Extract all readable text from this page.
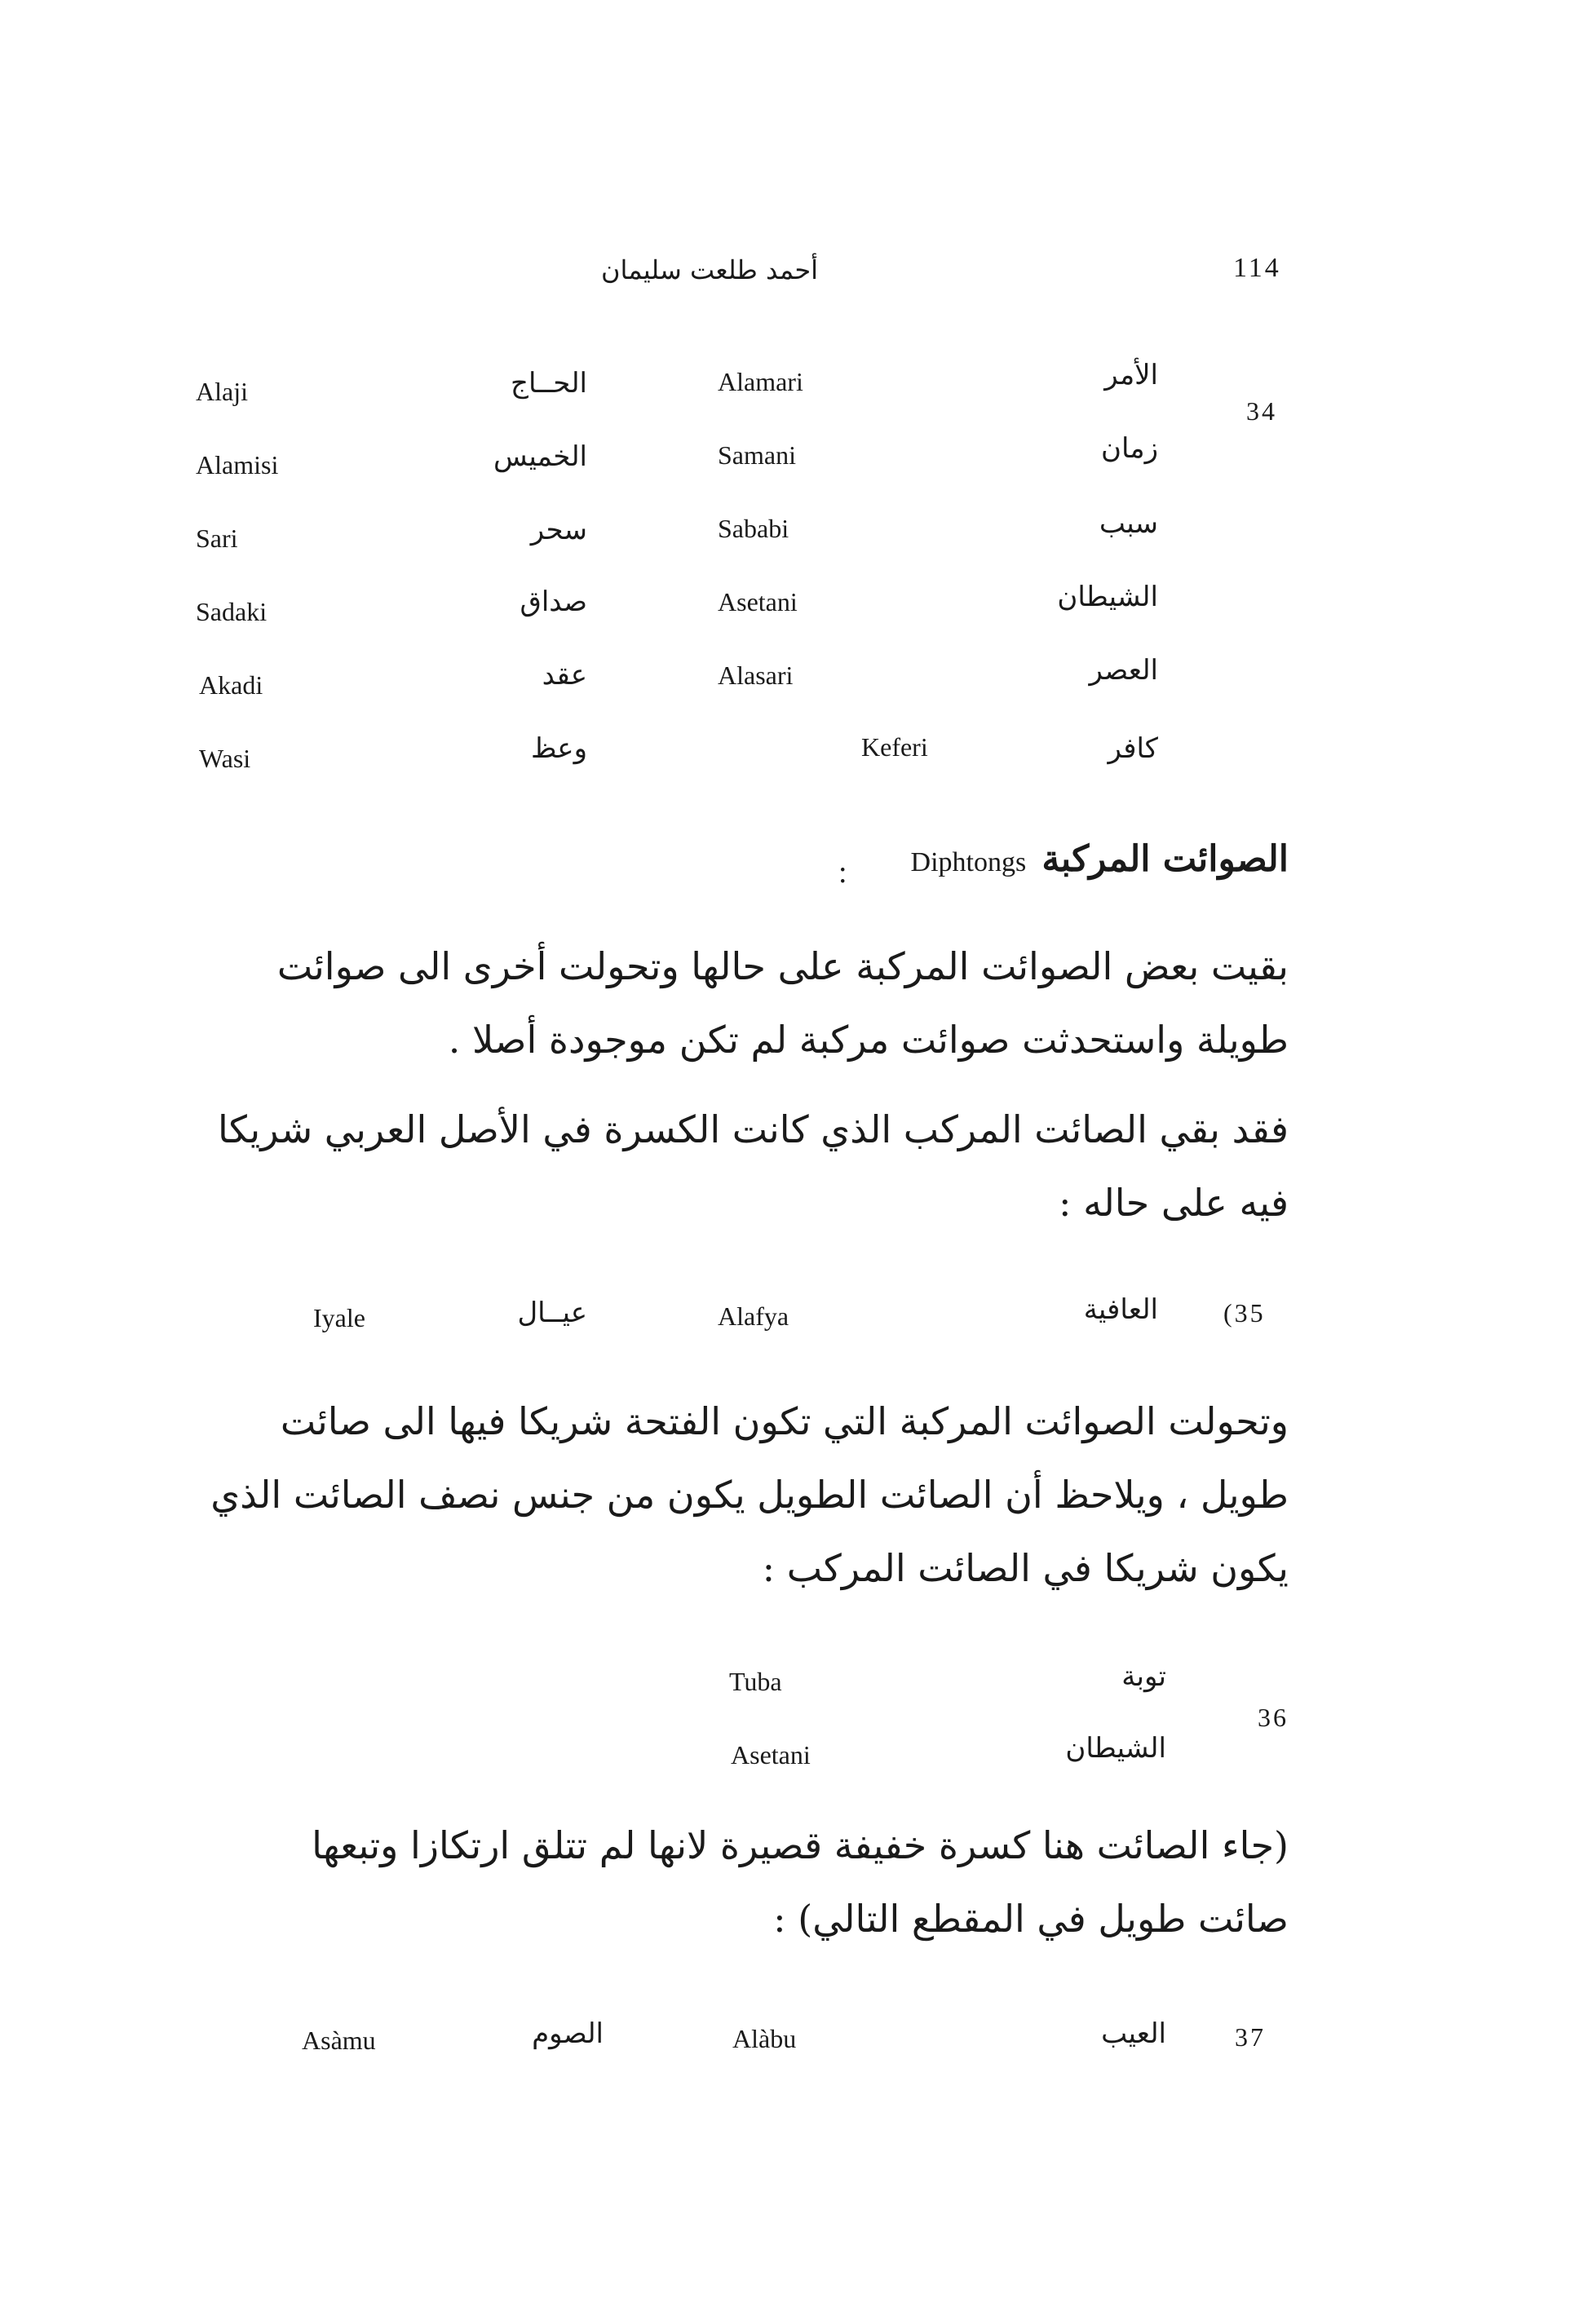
114
أحمد طلعت سليمان
34
الأمر
Alamari
الحــاج
Alaji
زمان
Samani
الخميس
Alamisi
سبب
Sababi
سحر
Sari
الشيطان
Asetani
صداق
Sadaki
العصر
Alasari
عقد
Akadi
كافر
Keferi
وعظ
Wasi
الصوائت المركبة Diphtongs
:
بقيت بعض الصوائت المركبة على حالها وتحولت أخرى الى صوائت
طويلة واستحدثت صوائت مركبة لم تكن موجودة أصلا .
فقد بقي الصائت المركب الذي كانت الكسرة في الأصل العربي شريكا
فيه على حاله :
(35
العافية
Alafya
عيــال
Iyale
وتحولت الصوائت المركبة التي تكون الفتحة شريكا فيها الى صائت
طويل ، ويلاحظ أن الصائت الطويل يكون من جنس نصف الصائت الذي
يكون شريكا في الصائت المركب :
36
توبة
Tuba
الشيطان
Asetani
(جاء الصائت هنا كسرة خفيفة قصيرة لانها لم تتلق ارتكازا وتبعها
صائت طويل في المقطع التالي) :
37
العيب
Alàbu
الصوم
Asàmu
